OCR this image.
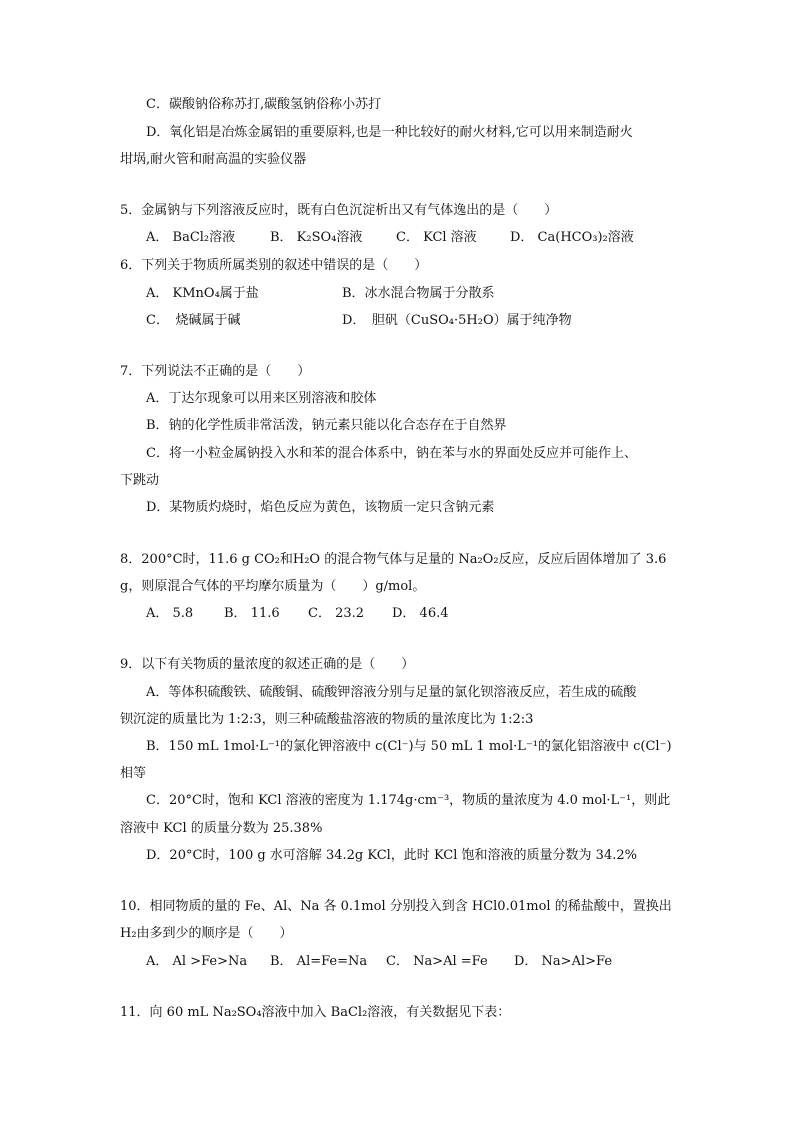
C．碳酸钠俗称苏打,碳酸氢钠俗称小苏打
D．氧化铝是冶炼金属铝的重要原料,也是一种比较好的耐火材料,它可以用来制造耐火
坩埚,耐火管和耐高温的实验仪器
5．金属钠与下列溶液反应时，既有白色沉淀析出又有气体逸出的是（　　）
A． BaCl₂溶液	B． K₂SO₄溶液	C． KCl 溶液	D． Ca(HCO₃)₂溶液
6．下列关于物质所属类别的叙述中错误的是（　　）
A． KMnO₄属于盐	B．冰水混合物属于分散系
C．　烧碱属于碱	D．　胆矾（CuSO₄·5H₂O）属于纯净物
7．下列说法不正确的是（　　）
A．丁达尔现象可以用来区别溶液和胶体
B．钠的化学性质非常活泼，钠元素只能以化合态存在于自然界
C．将一小粒金属钠投入水和苯的混合体系中，钠在苯与水的界面处反应并可能作上、
下跳动
D．某物质灼烧时，焰色反应为黄色，该物质一定只含钠元素
8．200°C时，11.6 g CO₂和H₂O 的混合物气体与足量的 Na₂O₂反应，反应后固体增加了 3.6
g，则原混合气体的平均摩尔质量为（　　）g/mol。
A． 5.8 B． 11.6 C． 23.2 D． 46.4
9．以下有关物质的量浓度的叙述正确的是（　　）
A．等体积硫酸铁、硫酸铜、硫酸钾溶液分别与足量的氯化钡溶液反应，若生成的硫酸
钡沉淀的质量比为 1:2:3，则三种硫酸盐溶液的物质的量浓度比为 1:2:3
B．150 mL 1mol·L⁻¹的氯化钾溶液中 c(Cl⁻)与 50 mL 1 mol·L⁻¹的氯化铝溶液中 c(Cl⁻)
相等
C．20°C时，饱和 KCl 溶液的密度为 1.174g·cm⁻³，物质的量浓度为 4.0 mol·L⁻¹，则此
溶液中 KCl 的质量分数为 25.38%
D．20°C时，100 g 水可溶解 34.2g KCl，此时 KCl 饱和溶液的质量分数为 34.2%
10．相同物质的量的 Fe、Al、Na 各 0.1mol 分别投入到含 HCl0.01mol 的稀盐酸中，置换出
H₂由多到少的顺序是（　　）
A． Al >Fe>Na B． Al=Fe=Na C． Na>Al =Fe D． Na>Al>Fe
11．向 60 mL Na₂SO₄溶液中加入 BaCl₂溶液，有关数据见下表：
